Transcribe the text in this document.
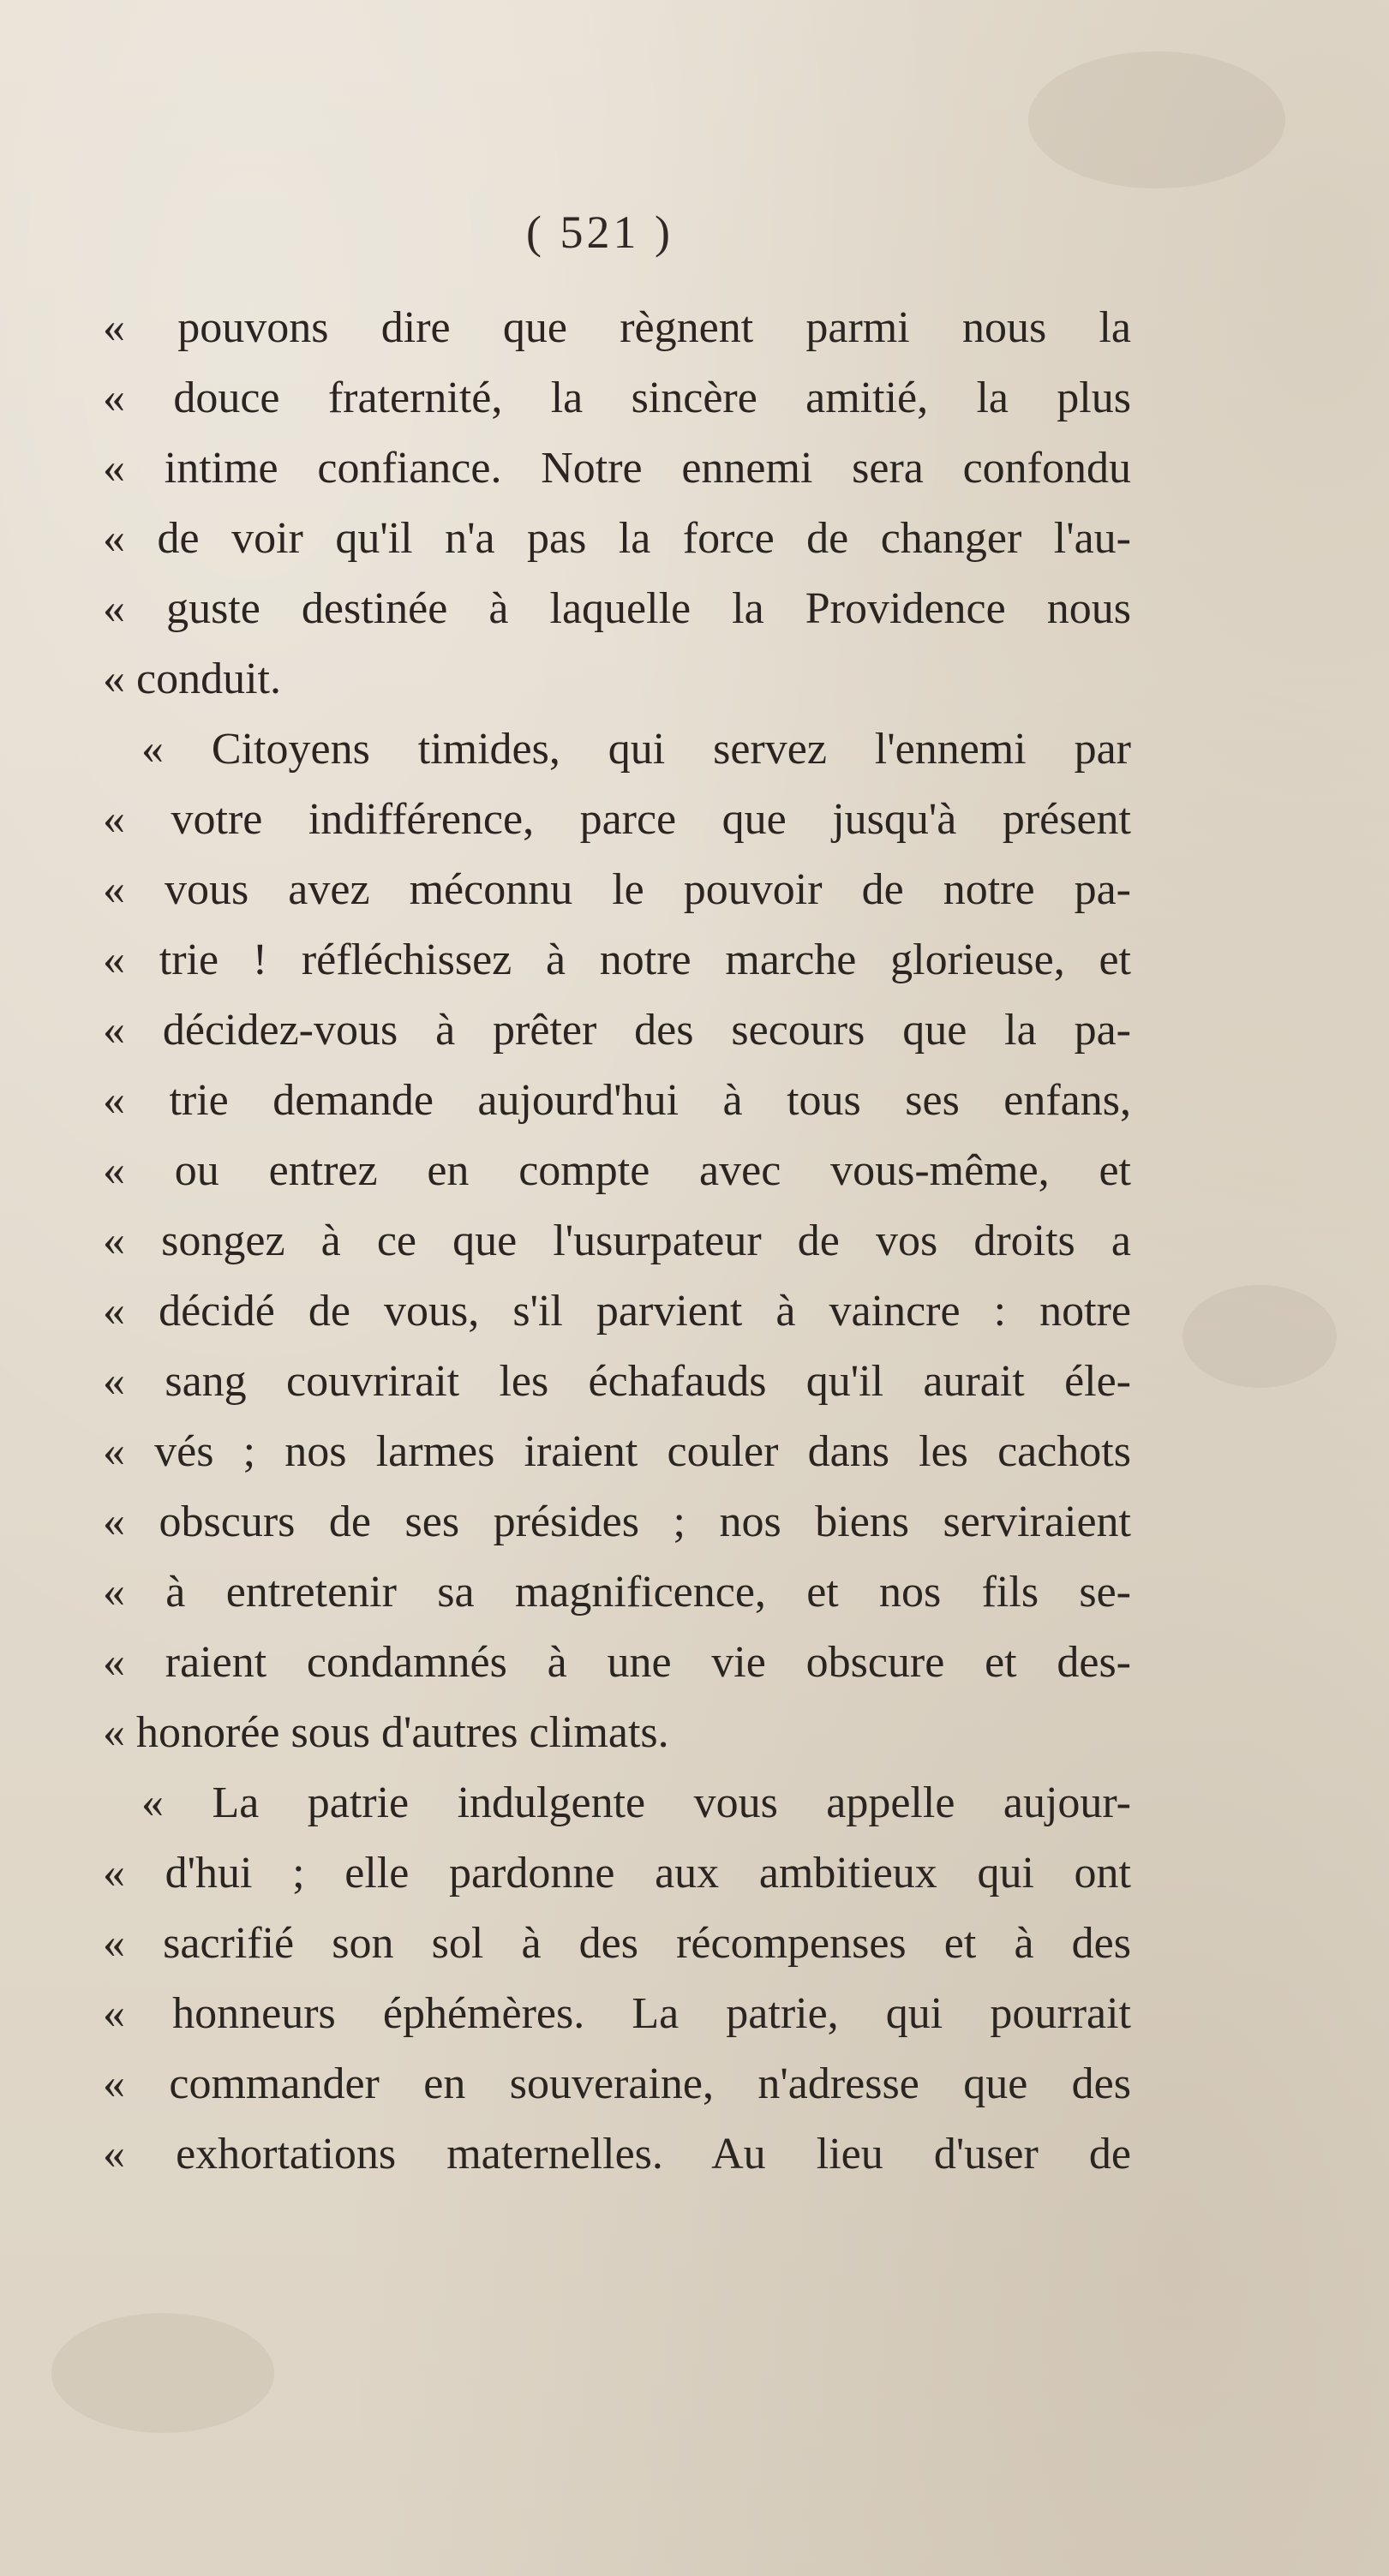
( 521 )
« pouvons dire que règnent parmi nous la
« douce fraternité, la sincère amitié, la plus
« intime confiance. Notre ennemi sera confondu
« de voir qu'il n'a pas la force de changer l'au-
« guste destinée à laquelle la Providence nous
« conduit.
« Citoyens timides, qui servez l'ennemi par
« votre indifférence, parce que jusqu'à présent
« vous avez méconnu le pouvoir de notre pa-
« trie ! réfléchissez à notre marche glorieuse, et
« décidez-vous à prêter des secours que la pa-
« trie demande aujourd'hui à tous ses enfans,
« ou entrez en compte avec vous-même, et
« songez à ce que l'usurpateur de vos droits a
« décidé de vous, s'il parvient à vaincre : notre
« sang couvrirait les échafauds qu'il aurait éle-
« vés ; nos larmes iraient couler dans les cachots
« obscurs de ses présides ; nos biens serviraient
« à entretenir sa magnificence, et nos fils se-
« raient condamnés à une vie obscure et des-
« honorée sous d'autres climats.
« La patrie indulgente vous appelle aujour-
« d'hui ; elle pardonne aux ambitieux qui ont
« sacrifié son sol à des récompenses et à des
« honneurs éphémères. La patrie, qui pourrait
« commander en souveraine, n'adresse que des
« exhortations maternelles. Au lieu d'user de
